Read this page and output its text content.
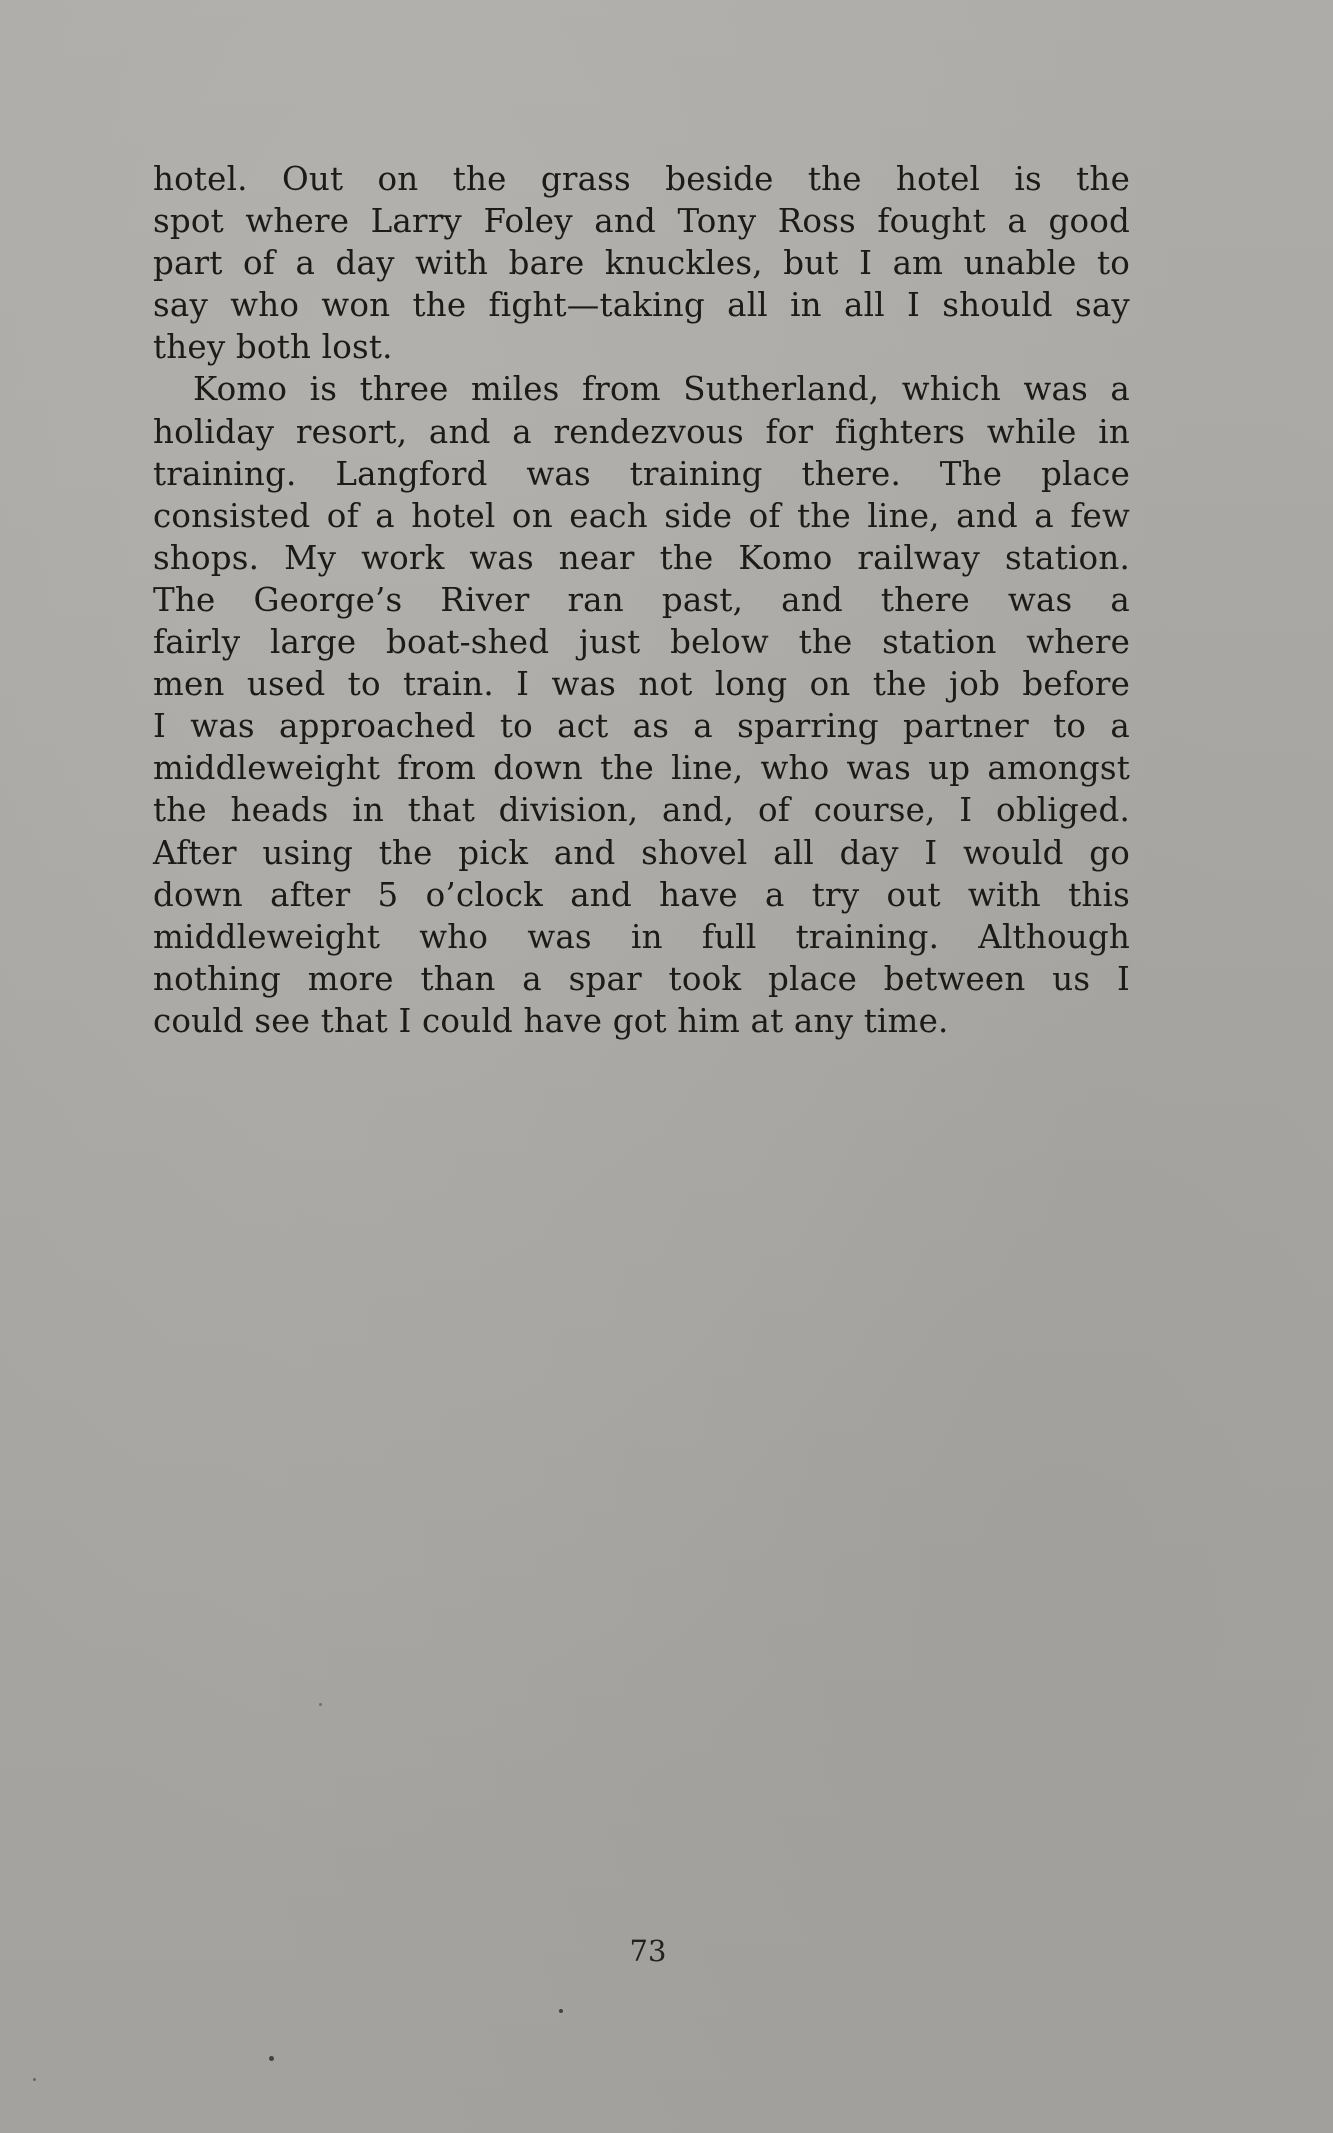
hotel. Out on the grass beside the hotel is the
spot where Larry Foley and Tony Ross fought a good
part of a day with bare knuckles, but I am unable to
say who won the fight—taking all in all I should say
they both lost.
Komo is three miles from Sutherland, which was a
holiday resort, and a rendezvous for fighters while in
training. Langford was training there. The place
consisted of a hotel on each side of the line, and a few
shops. My work was near the Komo railway station.
The George’s River ran past, and there was a
fairly large boat-shed just below the station where
men used to train. I was not long on the job before
I was approached to act as a sparring partner to a
middleweight from down the line, who was up amongst
the heads in that division, and, of course, I obliged.
After using the pick and shovel all day I would go
down after 5 o’clock and have a try out with this
middleweight who was in full training. Although
nothing more than a spar took place between us I
could see that I could have got him at any time.
73
